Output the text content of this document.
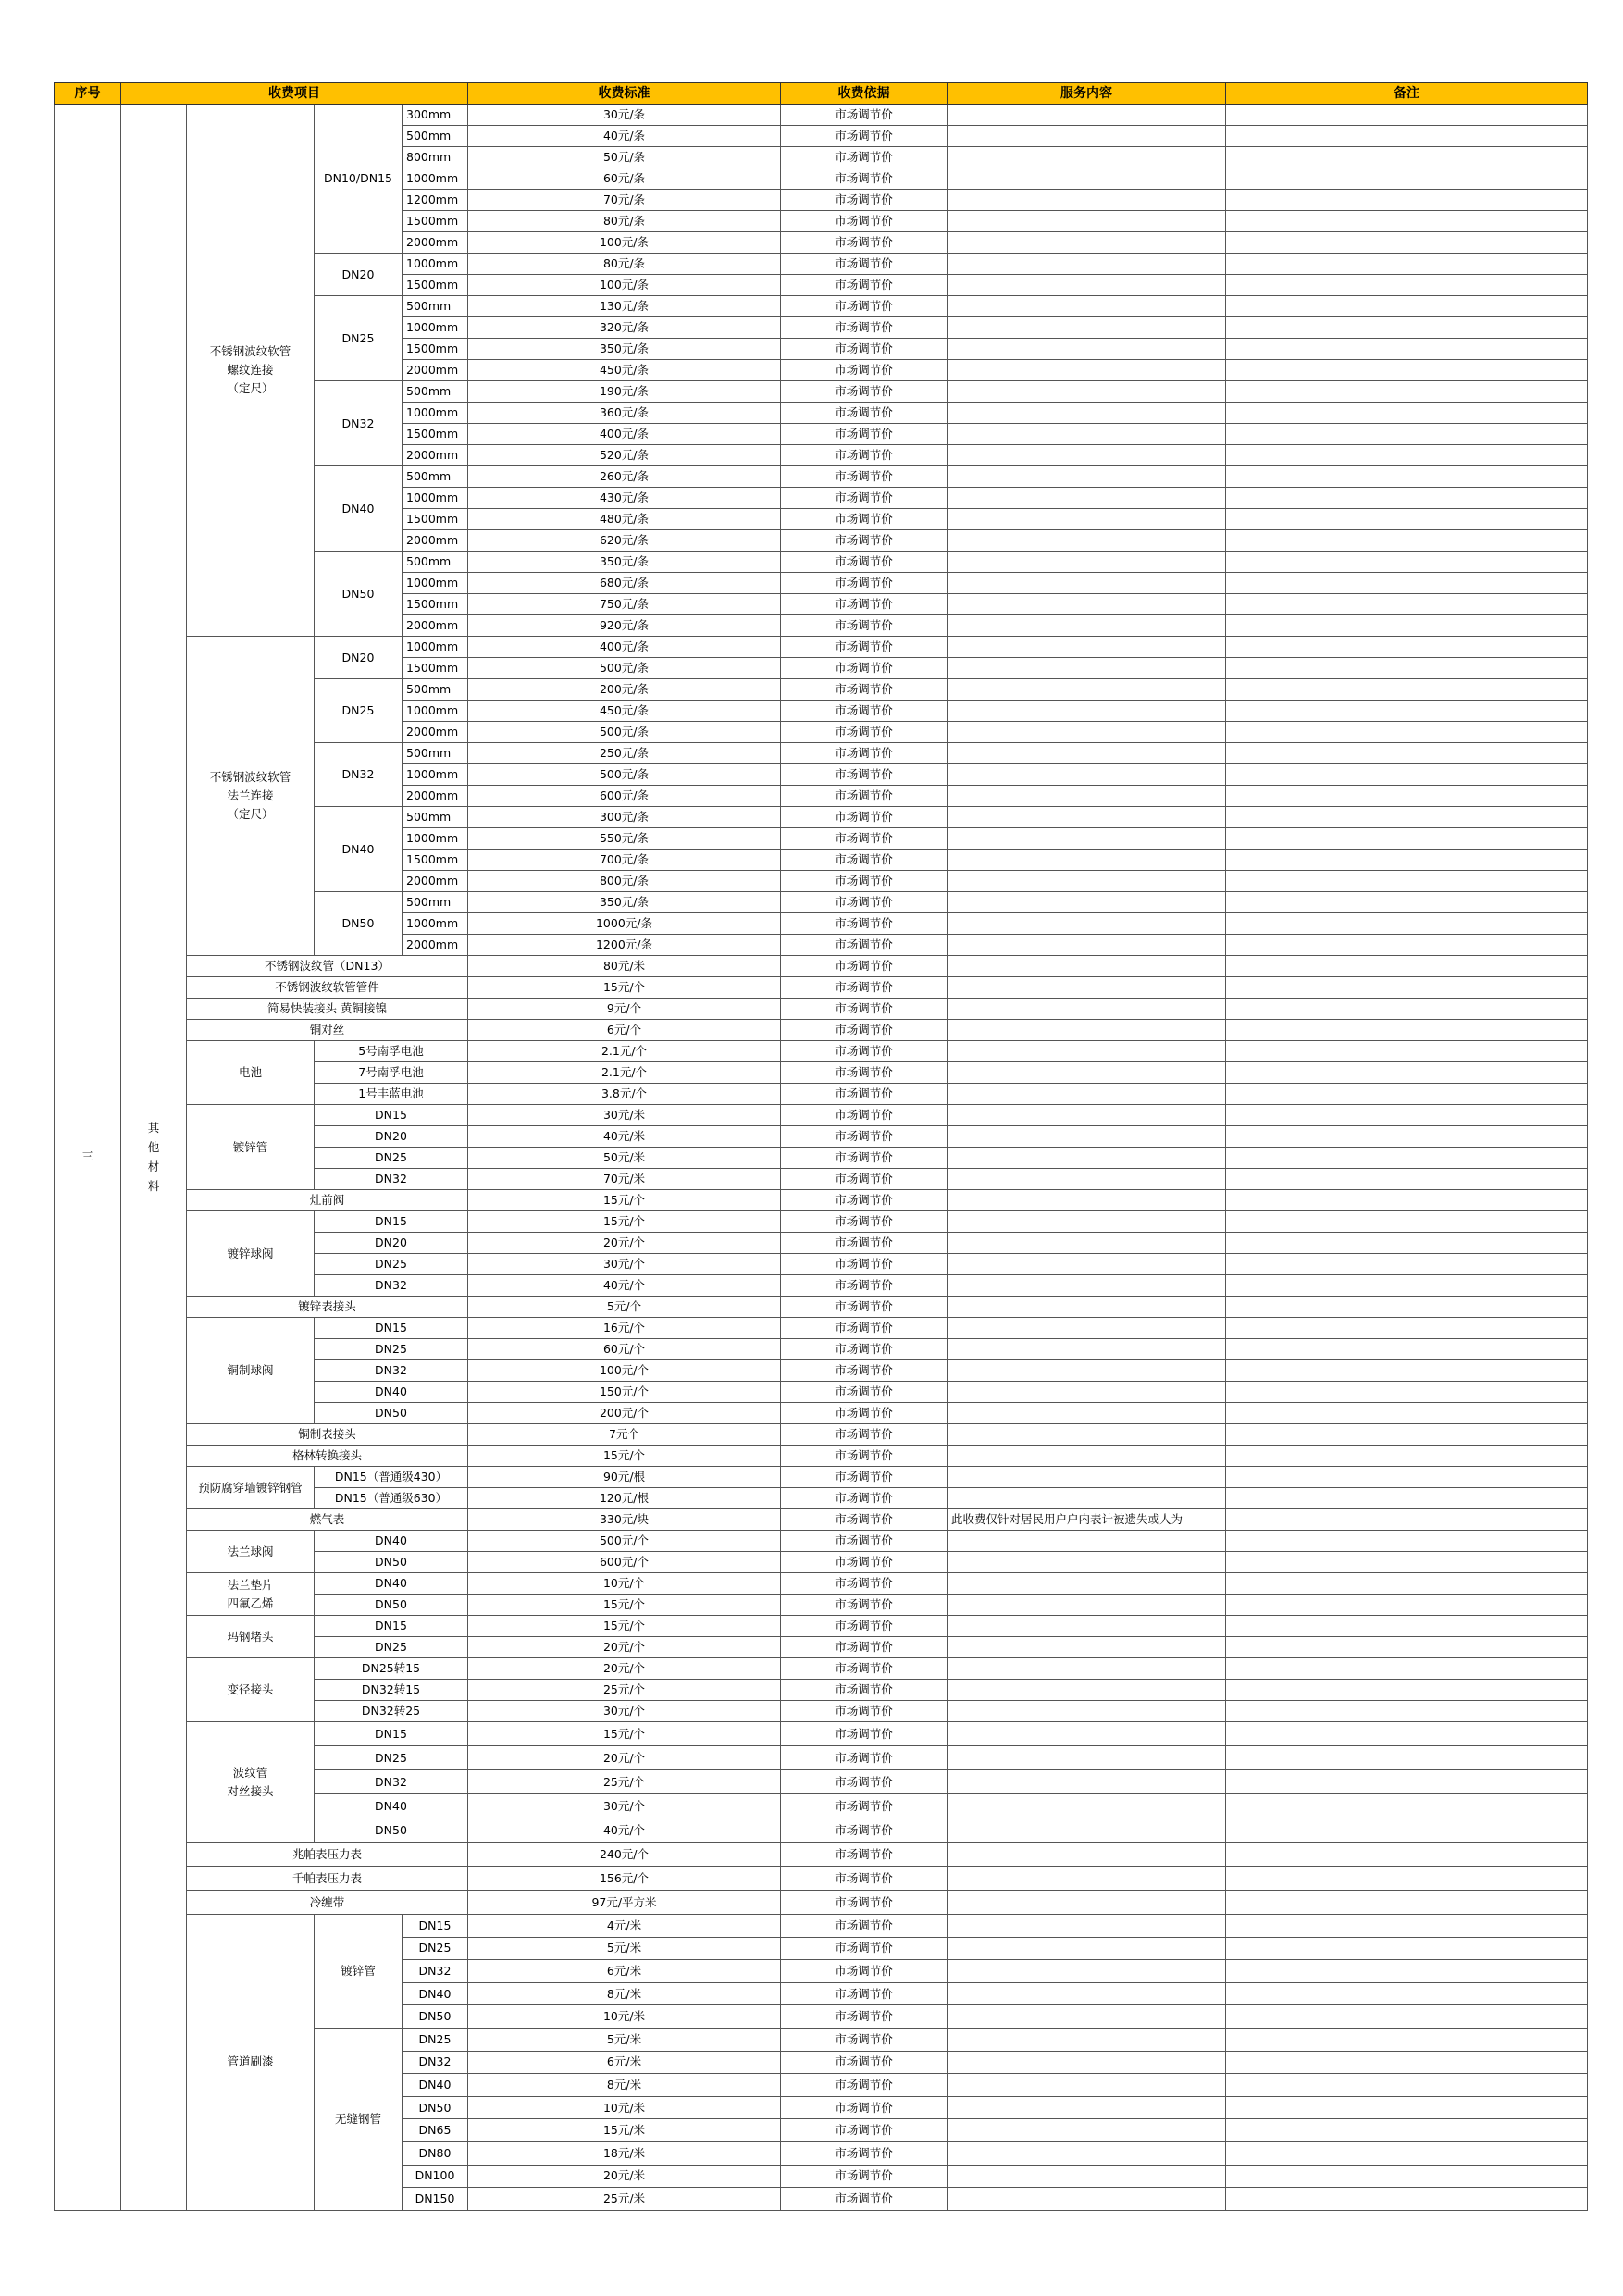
序号	收费项目				收费标准	收费依据	服务内容	备注
三	其他材料	不锈钢波纹软管
螺纹连接
（定尺）	DN10/DN15	300mm	30元/条	市场调节价		
				500mm	40元/条	市场调节价		
				800mm	50元/条	市场调节价		
				1000mm	60元/条	市场调节价		
				1200mm	70元/条	市场调节价		
				1500mm	80元/条	市场调节价		
				2000mm	100元/条	市场调节价		
			DN20	1000mm	80元/条	市场调节价		
				1500mm	100元/条	市场调节价		
			DN25	500mm	130元/条	市场调节价		
				1000mm	320元/条	市场调节价		
				1500mm	350元/条	市场调节价		
				2000mm	450元/条	市场调节价		
			DN32	500mm	190元/条	市场调节价		
				1000mm	360元/条	市场调节价		
				1500mm	400元/条	市场调节价		
				2000mm	520元/条	市场调节价		
			DN40	500mm	260元/条	市场调节价		
				1000mm	430元/条	市场调节价		
				1500mm	480元/条	市场调节价		
				2000mm	620元/条	市场调节价		
			DN50	500mm	350元/条	市场调节价		
				1000mm	680元/条	市场调节价		
				1500mm	750元/条	市场调节价		
				2000mm	920元/条	市场调节价		
		不锈钢波纹软管
法兰连接
（定尺）	DN20	1000mm	400元/条	市场调节价		
				1500mm	500元/条	市场调节价		
			DN25	500mm	200元/条	市场调节价		
				1000mm	450元/条	市场调节价		
				2000mm	500元/条	市场调节价		
			DN32	500mm	250元/条	市场调节价		
				1000mm	500元/条	市场调节价		
				2000mm	600元/条	市场调节价		
			DN40	500mm	300元/条	市场调节价		
				1000mm	550元/条	市场调节价		
				1500mm	700元/条	市场调节价		
				2000mm	800元/条	市场调节价		
			DN50	500mm	350元/条	市场调节价		
				1000mm	1000元/条	市场调节价		
				2000mm	1200元/条	市场调节价		
		不锈钢波纹管（DN13）			80元/米	市场调节价		
		不锈钢波纹软管管件			15元/个	市场调节价		
		简易快装接头 黄铜接镍			9元/个	市场调节价		
		铜对丝			6元/个	市场调节价		
		电池	5号南孚电池		2.1元/个	市场调节价		
			7号南孚电池		2.1元/个	市场调节价		
			1号丰蓝电池		3.8元/个	市场调节价		
		镀锌管	DN15		30元/米	市场调节价		
			DN20		40元/米	市场调节价		
			DN25		50元/米	市场调节价		
			DN32		70元/米	市场调节价		
		灶前阀			15元/个	市场调节价		
		镀锌球阀	DN15		15元/个	市场调节价		
			DN20		20元/个	市场调节价		
			DN25		30元/个	市场调节价		
			DN32		40元/个	市场调节价		
		镀锌表接头			5元/个	市场调节价		
		铜制球阀	DN15		16元/个	市场调节价		
			DN25		60元/个	市场调节价		
			DN32		100元/个	市场调节价		
			DN40		150元/个	市场调节价		
			DN50		200元/个	市场调节价		
		铜制表接头			7元个	市场调节价		
		格林转换接头			15元/个	市场调节价		
		预防腐穿墙镀锌钢管	DN15（普通级430）		90元/根	市场调节价		
			DN15（普通级630）		120元/根	市场调节价		
		燃气表			330元/块	市场调节价	此收费仅针对居民用户户内表计被遗失或人为	
		法兰球阀	DN40		500元/个	市场调节价		
			DN50		600元/个	市场调节价		
		法兰垫片
四氟乙烯	DN40		10元/个	市场调节价		
			DN50		15元/个	市场调节价		
		玛钢堵头	DN15		15元/个	市场调节价		
			DN25		20元/个	市场调节价		
		变径接头	DN25转15		20元/个	市场调节价		
			DN32转15		25元/个	市场调节价		
			DN32转25		30元/个	市场调节价		
		波纹管
对丝接头	DN15		15元/个	市场调节价		
			DN25		20元/个	市场调节价		
			DN32		25元/个	市场调节价		
			DN40		30元/个	市场调节价		
			DN50		40元/个	市场调节价		
		兆帕表压力表			240元/个	市场调节价		
		千帕表压力表			156元/个	市场调节价		
		冷缠带			97元/平方米	市场调节价		
		管道刷漆	镀锌管	DN15	4元/米	市场调节价		
				DN25	5元/米	市场调节价		
				DN32	6元/米	市场调节价		
				DN40	8元/米	市场调节价		
				DN50	10元/米	市场调节价		
			无缝钢管	DN25	5元/米	市场调节价		
				DN32	6元/米	市场调节价		
				DN40	8元/米	市场调节价		
				DN50	10元/米	市场调节价		
				DN65	15元/米	市场调节价		
				DN80	18元/米	市场调节价		
				DN100	20元/米	市场调节价		
				DN150	25元/米	市场调节价		
